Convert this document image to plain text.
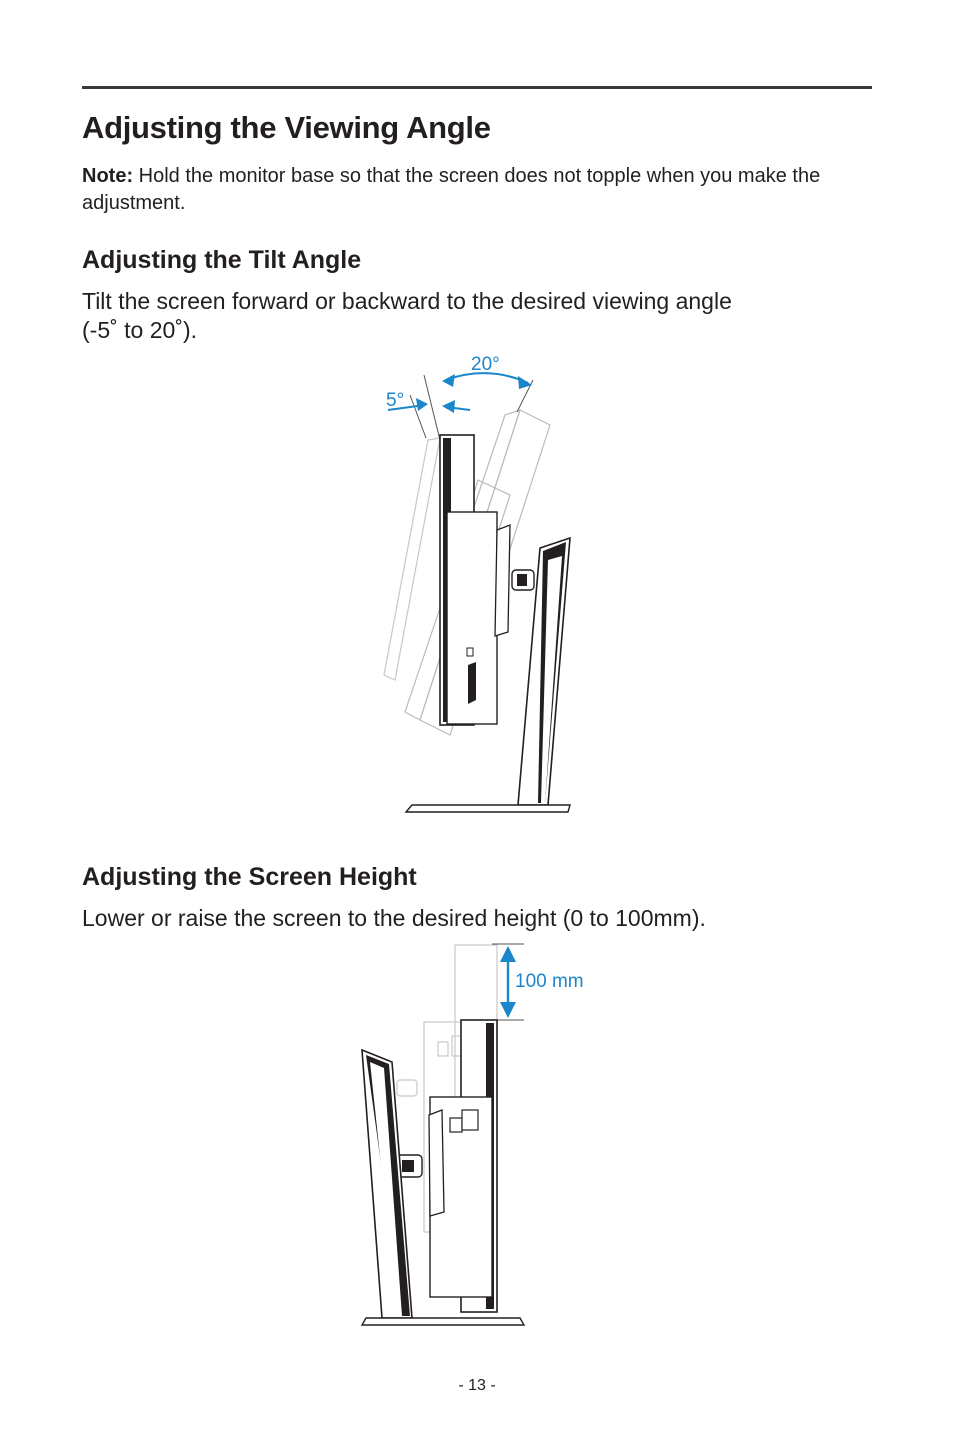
Adjusting the Viewing Angle

Note: Hold the monitor base so that the screen does not topple when you make the adjustment.

Adjusting the Tilt Angle

Tilt the screen forward or backward to the desired viewing angle
(-5˚ to 20˚).

20°
5°
Adjusting the Screen Height

Lower or raise the screen to the desired height (0 to 100mm).

100 mm
- 13 -
